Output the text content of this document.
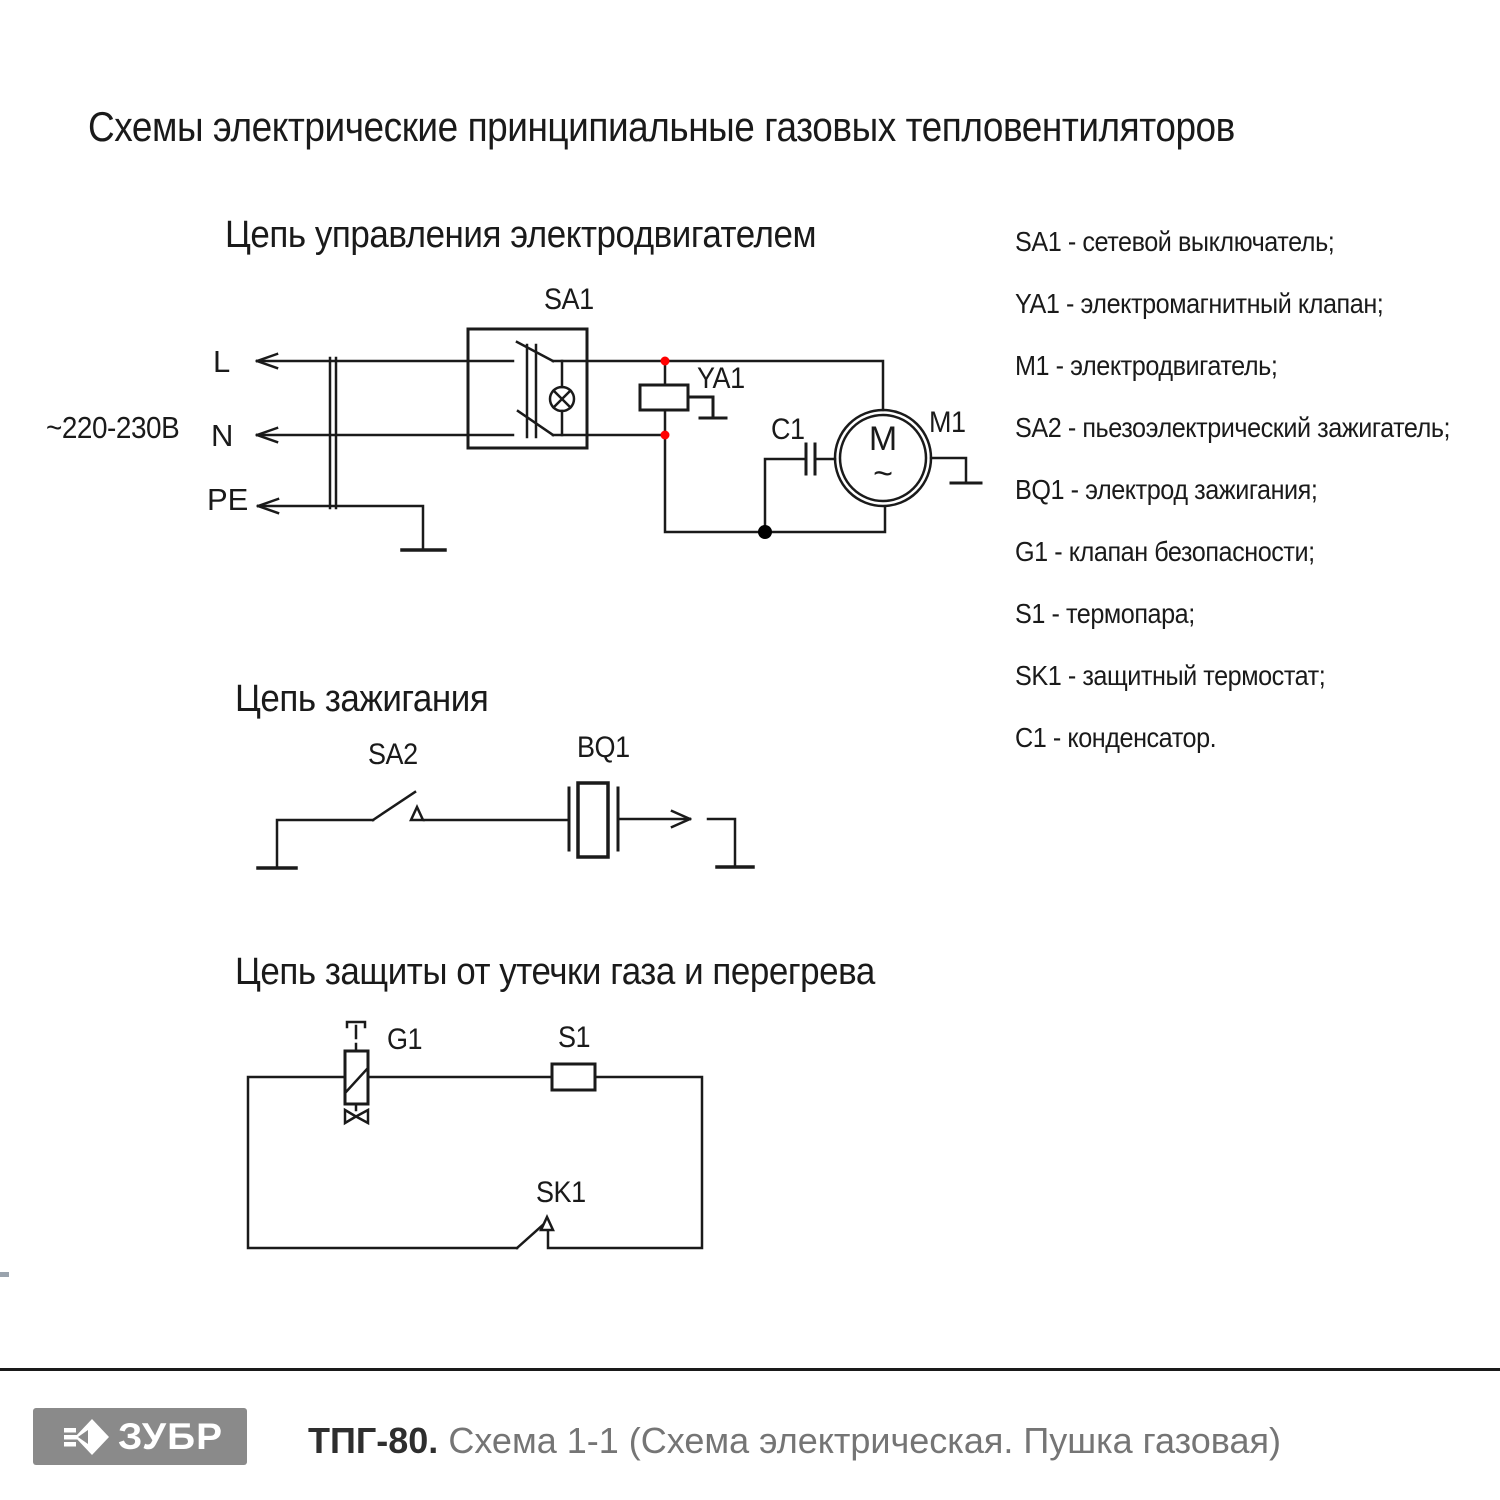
Схемы электрические принципиальные газовых тепловентиляторов
Цепь управления электродвигателем
~220-230В
L
N
PE
SA1
YA1
C1	M1
M
~
Цепь зажигания
SA2	BQ1
Цепь защиты от утечки газа и перегрева
G1	S1
SK1
SA1 - сетевой выключатель;
YA1 - электромагнитный клапан;
M1 - электродвигатель;
SA2 - пьезоэлектрический зажигатель;
BQ1 - электрод зажигания;
G1 - клапан безопасности;
S1 - термопара;
SK1 - защитный термостат;
C1 - конденсатор.
ЗУБР ТПГ-80. Схема 1-1 (Схема электрическая. Пушка газовая)
